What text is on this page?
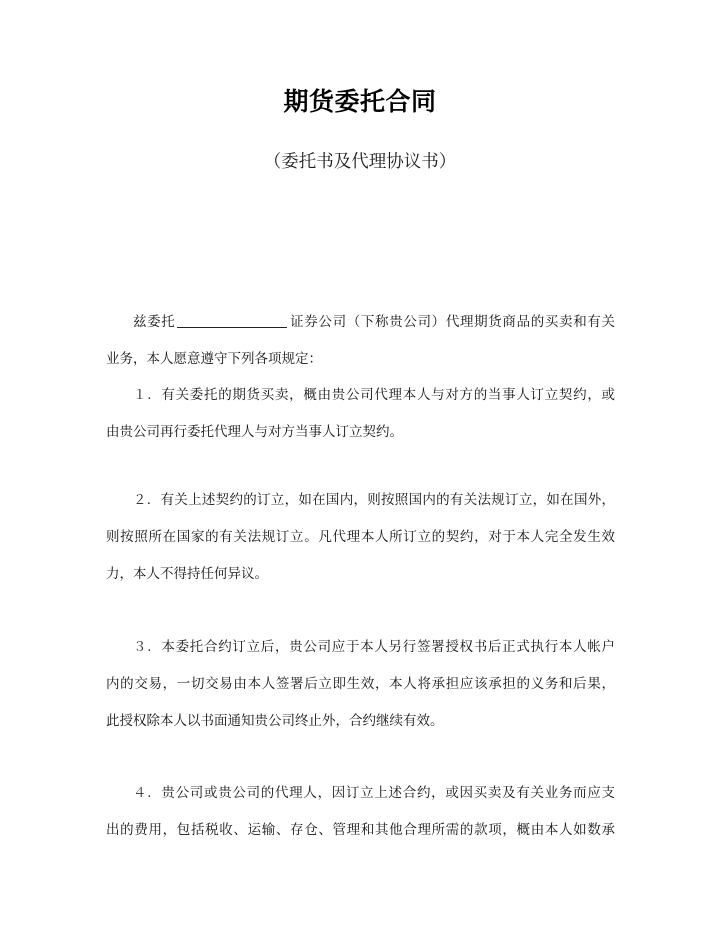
期货委托合同
（委托书及代理协议书）
兹委托	证券公司（下称贵公司）代理期货商品的买卖和有关
业务，本人愿意遵守下列各项规定：
１．有关委托的期货买卖，概由贵公司代理本人与对方的当事人订立契约，或
由贵公司再行委托代理人与对方当事人订立契约。
２．有关上述契约的订立，如在国内，则按照国内的有关法规订立，如在国外，
则按照所在国家的有关法规订立。凡代理本人所订立的契约，对于本人完全发生效
力，本人不得持任何异议。
３．本委托合约订立后，贵公司应于本人另行签署授权书后正式执行本人帐户
内的交易，一切交易由本人签署后立即生效，本人将承担应该承担的义务和后果，
此授权除本人以书面通知贵公司终止外，合约继续有效。
４．贵公司或贵公司的代理人，因订立上述合约，或因买卖及有关业务而应支
出的费用，包括税收、运输、存仓、管理和其他合理所需的款项，概由本人如数承
